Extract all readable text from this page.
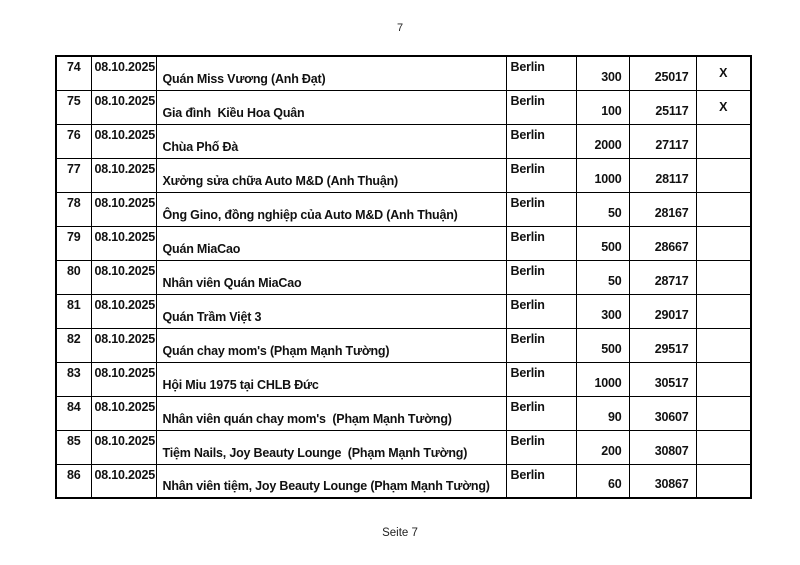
7
74	08.10.2025	Quán Miss Vương (Anh Đạt)	Berlin	300	25017	X
75	08.10.2025	Gia đình  Kiều Hoa Quân	Berlin	100	25117	X
76	08.10.2025	Chùa Phố Đà	Berlin	2000	27117	
77	08.10.2025	Xưởng sửa chữa Auto M&D (Anh Thuận)	Berlin	1000	28117	
78	08.10.2025	Ông Gino, đồng nghiệp của Auto M&D (Anh Thuận)	Berlin	50	28167	
79	08.10.2025	Quán MiaCao	Berlin	500	28667	
80	08.10.2025	Nhân viên Quán MiaCao	Berlin	50	28717	
81	08.10.2025	Quán Trầm Việt 3	Berlin	300	29017	
82	08.10.2025	Quán chay mom's (Phạm Mạnh Tường)	Berlin	500	29517	
83	08.10.2025	Hội Miu 1975 tại CHLB Đức	Berlin	1000	30517	
84	08.10.2025	Nhân viên quán chay mom's  (Phạm Mạnh Tường)	Berlin	90	30607	
85	08.10.2025	Tiệm Nails, Joy Beauty Lounge  (Phạm Mạnh Tường)	Berlin	200	30807	
86	08.10.2025	Nhân viên tiệm, Joy Beauty Lounge (Phạm Mạnh Tường)	Berlin	60	30867	
Seite 7
